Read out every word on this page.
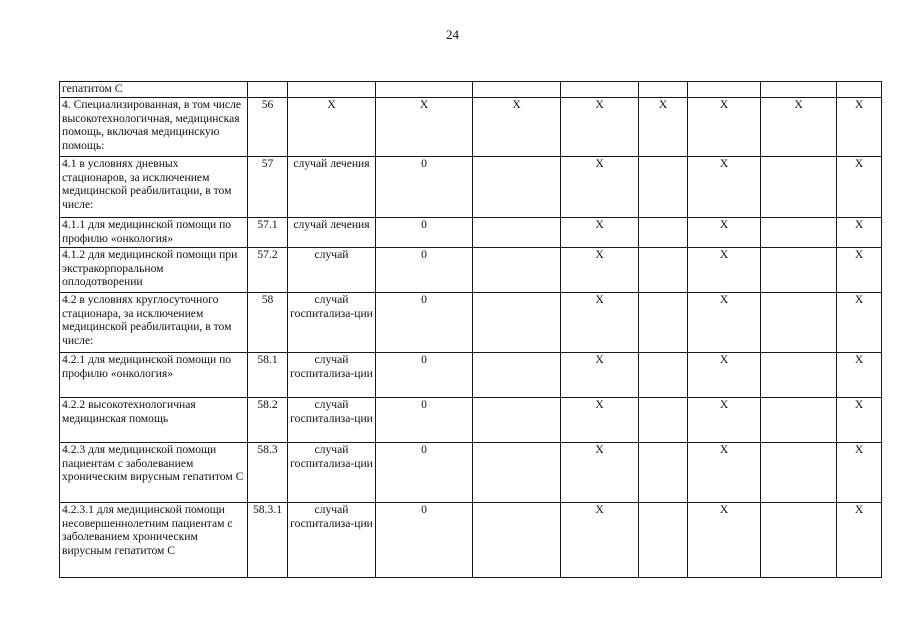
24
гепатитом С										
4. Специализированная, в том числе высокотехнологичная, медицинская помощь, включая медицинскую помощь:	56	X	X	X	X	X	X	X	X	
4.1 в условиях дневных стационаров, за исключением медицинской реабилитации, в том числе:	57	случай лечения	0		X		X		X	
4.1.1 для медицинской помощи по профилю «онкология»	57.1	случай лечения	0		X		X		X	
4.1.2 для медицинской помощи при экстракорпоральном оплодотворении	57.2	случай	0		X		X		X	
4.2 в условиях круглосуточного стационара, за исключением медицинской реабилитации, в том числе:	58	случай госпитализа-ции	0		X		X		X	
4.2.1 для медицинской помощи по профилю «онкология»	58.1	случай госпитализа-ции	0		X		X		X	
4.2.2 высокотехнологичная медицинская помощь	58.2	случай госпитализа-ции	0		X		X		X	
4.2.3 для медицинской помощи пациентам с заболеванием хроническим вирусным гепатитом С	58.3	случай госпитализа-ции	0		X		X		X	
4.2.3.1 для медицинской помощи несовершеннолетним пациентам с заболеванием хроническим вирусным гепатитом С	58.3.1	случай госпитализа-ции	0		X		X		X	
